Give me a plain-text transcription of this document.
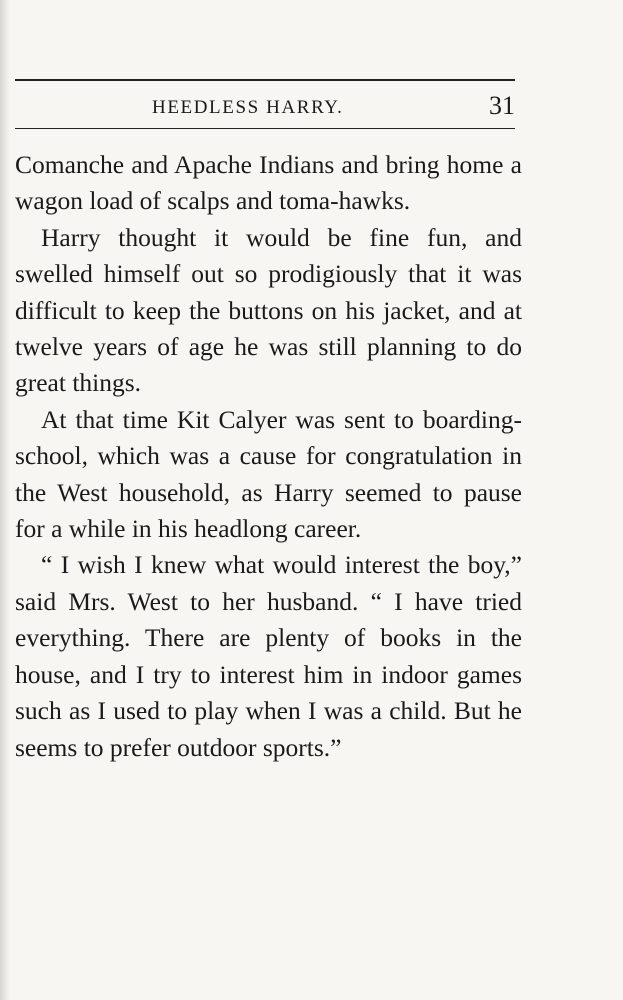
HEEDLESS HARRY.	31

Comanche and Apache Indians and bring home a wagon load of scalps and toma-hawks.

Harry thought it would be fine fun, and swelled himself out so prodigiously that it was difficult to keep the buttons on his jacket, and at twelve years of age he was still planning to do great things.

At that time Kit Calyer was sent to boarding-school, which was a cause for congratulation in the West household, as Harry seemed to pause for a while in his headlong career.

“ I wish I knew what would interest the boy,” said Mrs. West to her husband. “ I have tried everything. There are plenty of books in the house, and I try to interest him in indoor games such as I used to play when I was a child. But he seems to prefer outdoor sports.”
